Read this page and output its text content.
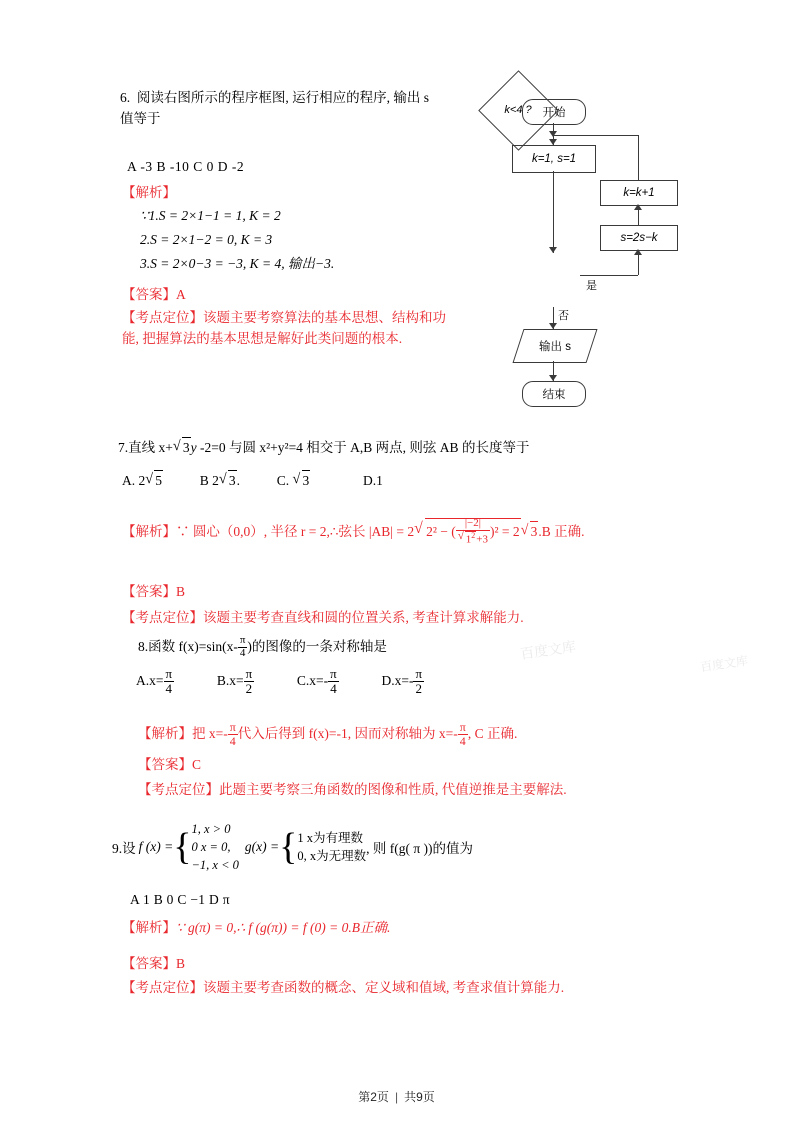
6. 阅读右图所示的程序框图, 运行相应的程序, 输出 s
值等于
A -3 B -10 C 0 D -2
【解析】
∵1.S = 2×1−1 = 1, K = 2
2.S = 2×1−2 = 0, K = 3
3.S = 2×0−3 = −3, K = 4, 输出−3.
【答案】A
【考点定位】该题主要考察算法的基本思想、结构和功
能, 把握算法的基本思想是解好此类问题的根本.
开始
k=1, s=1
k<4 ?
是
s=2s−k
k=k+1
否
输出 s
结束
7.直线 x+ √ 3y -2=0 与圆 x²+y²=4 相交于 A,B 两点, 则弦 AB 的长度等于
A. 2 √ 5	B 2 √ 3.	C. √ 3	D.1
【解析】∵ 圆心（0,0）, 半径 r = 2,∴弦长 |AB| = 2 √ 2² − ( |−2|
√ $1^2+3$ )² = 2 √ 3.B 正确.
【答案】B
【考点定位】该题主要考查直线和圆的位置关系, 考查计算求解能力.
8.函数 $f(x)=\sin(x- \frac{\pi}{4}$ )的图像的一条对称轴是
$A.x= \frac{\pi}{4}$	$B.x= \frac{\pi}{2}$	$C.x=- \frac{\pi}{4}$	$D.x=- \frac{\pi}{2}$
【解析】把 $x=- \frac{\pi}{4}$ 代入后得到 f(x)=-1, 因而对称轴为 $x=- \frac{\pi}{4}$ , C 正确.
【答案】C
【考点定位】此题主要考察三角函数的图像和性质, 代值逆推是主要解法.
9.设 f (x) ={ 1, x > 0
0 x = 0,
−1, x < 0
g(x) ={ 1 x为有理数
0, x为无理数 , 则 f(g( π ))的值为
A 1 B 0 C −1 D π
【解析】∵ g(π) = 0,∴ f (g(π)) = f (0) = 0.B正确.
【答案】B
【考点定位】该题主要考查函数的概念、定义域和值域, 考查求值计算能力.
百度文库
百度文库
第2页 | 共9页
